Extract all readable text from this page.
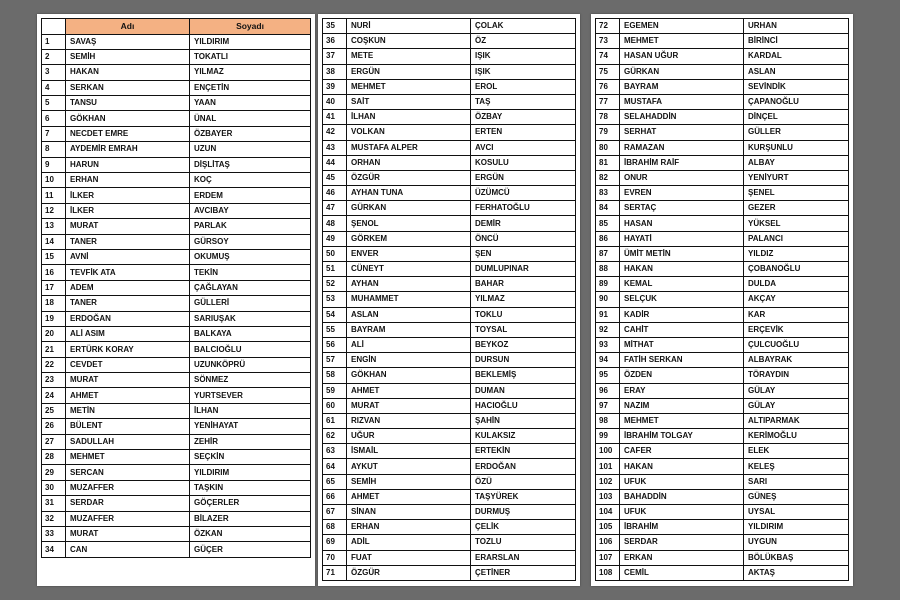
	Adı	Soyadı
1	SAVAŞ	YILDIRIM
2	SEMİH	TOKATLI
3	HAKAN	YILMAZ
4	SERKAN	ENÇETİN
5	TANSU	YAAN
6	GÖKHAN	ÜNAL
7	NECDET EMRE	ÖZBAYER
8	AYDEMİR EMRAH	UZUN
9	HARUN	DİŞLİTAŞ
10	ERHAN	KOÇ
11	İLKER	ERDEM
12	İLKER	AVCIBAY
13	MURAT	PARLAK
14	TANER	GÜRSOY
15	AVNİ	OKUMUŞ
16	TEVFİK ATA	TEKİN
17	ADEM	ÇAĞLAYAN
18	TANER	GÜLLERİ
19	ERDOĞAN	SARIUŞAK
20	ALİ ASIM	BALKAYA
21	ERTÜRK KORAY	BALCIOĞLU
22	CEVDET	UZUNKÖPRÜ
23	MURAT	SÖNMEZ
24	AHMET	YURTSEVER
25	METİN	İLHAN
26	BÜLENT	YENİHAYAT
27	SADULLAH	ZEHİR
28	MEHMET	SEÇKİN
29	SERCAN	YILDIRIM
30	MUZAFFER	TAŞKIN
31	SERDAR	GÖÇERLER
32	MUZAFFER	BİLAZER
33	MURAT	ÖZKAN
34	CAN	GÜÇER
35	NURİ	ÇOLAK
36	COŞKUN	ÖZ
37	METE	IŞIK
38	ERGÜN	IŞIK
39	MEHMET	EROL
40	SAİT	TAŞ
41	İLHAN	ÖZBAY
42	VOLKAN	ERTEN
43	MUSTAFA ALPER	AVCI
44	ORHAN	KOSULU
45	ÖZGÜR	ERGÜN
46	AYHAN TUNA	ÜZÜMCÜ
47	GÜRKAN	FERHATOĞLU
48	ŞENOL	DEMİR
49	GÖRKEM	ÖNCÜ
50	ENVER	ŞEN
51	CÜNEYT	DUMLUPINAR
52	AYHAN	BAHAR
53	MUHAMMET	YILMAZ
54	ASLAN	TOKLU
55	BAYRAM	TOYSAL
56	ALİ	BEYKOZ
57	ENGİN	DURSUN
58	GÖKHAN	BEKLEMİŞ
59	AHMET	DUMAN
60	MURAT	HACIOĞLU
61	RIZVAN	ŞAHİN
62	UĞUR	KULAKSIZ
63	İSMAİL	ERTEKİN
64	AYKUT	ERDOĞAN
65	SEMİH	ÖZÜ
66	AHMET	TAŞYÜREK
67	SİNAN	DURMUŞ
68	ERHAN	ÇELİK
69	ADİL	TOZLU
70	FUAT	ERARSLAN
71	ÖZGÜR	ÇETİNER
72	EGEMEN	URHAN
73	MEHMET	BİRİNCİ
74	HASAN UĞUR	KARDAL
75	GÜRKAN	ASLAN
76	BAYRAM	SEVİNDİK
77	MUSTAFA	ÇAPANOĞLU
78	SELAHADDİN	DİNÇEL
79	SERHAT	GÜLLER
80	RAMAZAN	KURŞUNLU
81	İBRAHİM RAİF	ALBAY
82	ONUR	YENİYURT
83	EVREN	ŞENEL
84	SERTAÇ	GEZER
85	HASAN	YÜKSEL
86	HAYATİ	PALANCI
87	ÜMİT METİN	YILDIZ
88	HAKAN	ÇOBANOĞLU
89	KEMAL	DULDA
90	SELÇUK	AKÇAY
91	KADİR	KAR
92	CAHİT	ERÇEVİK
93	MİTHAT	ÇULCUOĞLU
94	FATİH SERKAN	ALBAYRAK
95	ÖZDEN	TÖRAYDIN
96	ERAY	GÜLAY
97	NAZIM	GÜLAY
98	MEHMET	ALTIPARMAK
99	İBRAHİM TOLGAY	KERİMOĞLU
100	CAFER	ELEK
101	HAKAN	KELEŞ
102	UFUK	SARI
103	BAHADDİN	GÜNEŞ
104	UFUK	UYSAL
105	İBRAHİM	YILDIRIM
106	SERDAR	UYGUN
107	ERKAN	BÖLÜKBAŞ
108	CEMİL	AKTAŞ
